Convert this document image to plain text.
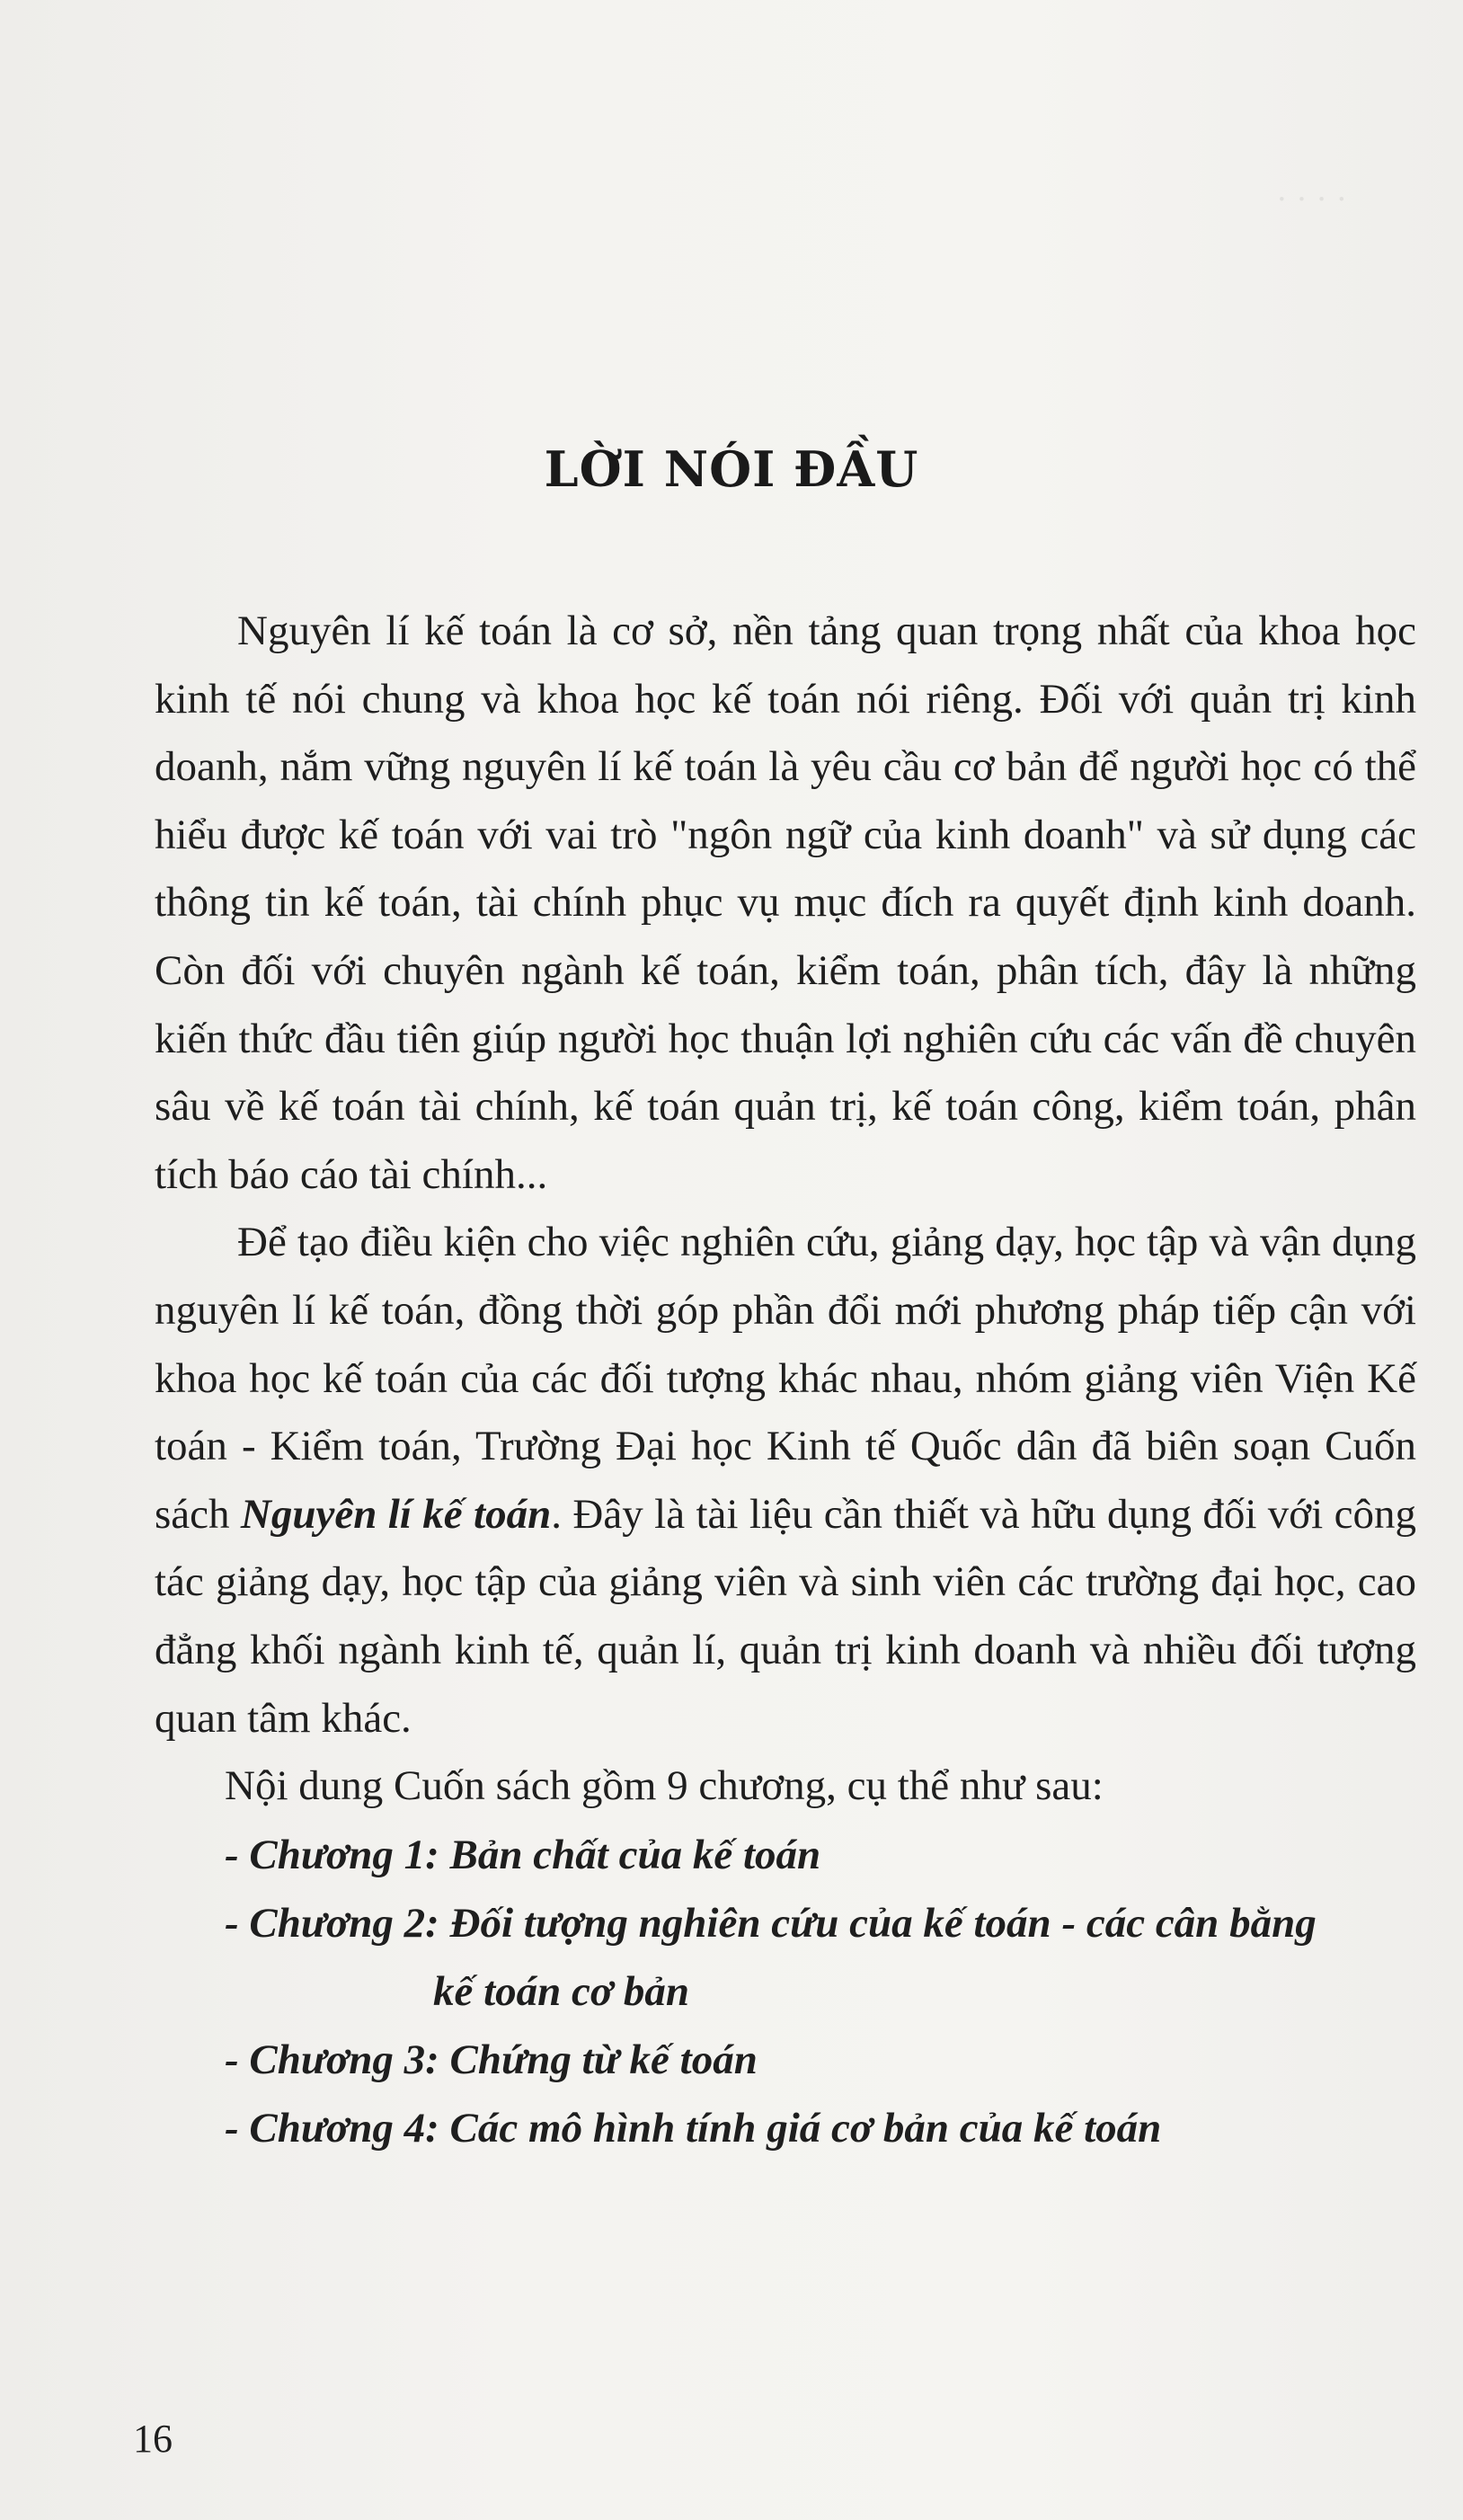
· · · ·
LỜI NÓI ĐẦU

Nguyên lí kế toán là cơ sở, nền tảng quan trọng nhất của khoa học kinh tế nói chung và khoa học kế toán nói riêng. Đối với quản trị kinh doanh, nắm vững nguyên lí kế toán là yêu cầu cơ bản để người học có thể hiểu được kế toán với vai trò "ngôn ngữ của kinh doanh" và sử dụng các thông tin kế toán, tài chính phục vụ mục đích ra quyết định kinh doanh. Còn đối với chuyên ngành kế toán, kiểm toán, phân tích, đây là những kiến thức đầu tiên giúp người học thuận lợi nghiên cứu các vấn đề chuyên sâu về kế toán tài chính, kế toán quản trị, kế toán công, kiểm toán, phân tích báo cáo tài chính...

Để tạo điều kiện cho việc nghiên cứu, giảng dạy, học tập và vận dụng nguyên lí kế toán, đồng thời góp phần đổi mới phương pháp tiếp cận với khoa học kế toán của các đối tượng khác nhau, nhóm giảng viên Viện Kế toán - Kiểm toán, Trường Đại học Kinh tế Quốc dân đã biên soạn Cuốn sách Nguyên lí kế toán. Đây là tài liệu cần thiết và hữu dụng đối với công tác giảng dạy, học tập của giảng viên và sinh viên các trường đại học, cao đẳng khối ngành kinh tế, quản lí, quản trị kinh doanh và nhiều đối tượng quan tâm khác.

Nội dung Cuốn sách gồm 9 chương, cụ thể như sau:

- Chương 1: Bản chất của kế toán

- Chương 2: Đối tượng nghiên cứu của kế toán - các cân bằng
kế toán cơ bản

- Chương 3: Chứng từ kế toán

- Chương 4: Các mô hình tính giá cơ bản của kế toán

16
